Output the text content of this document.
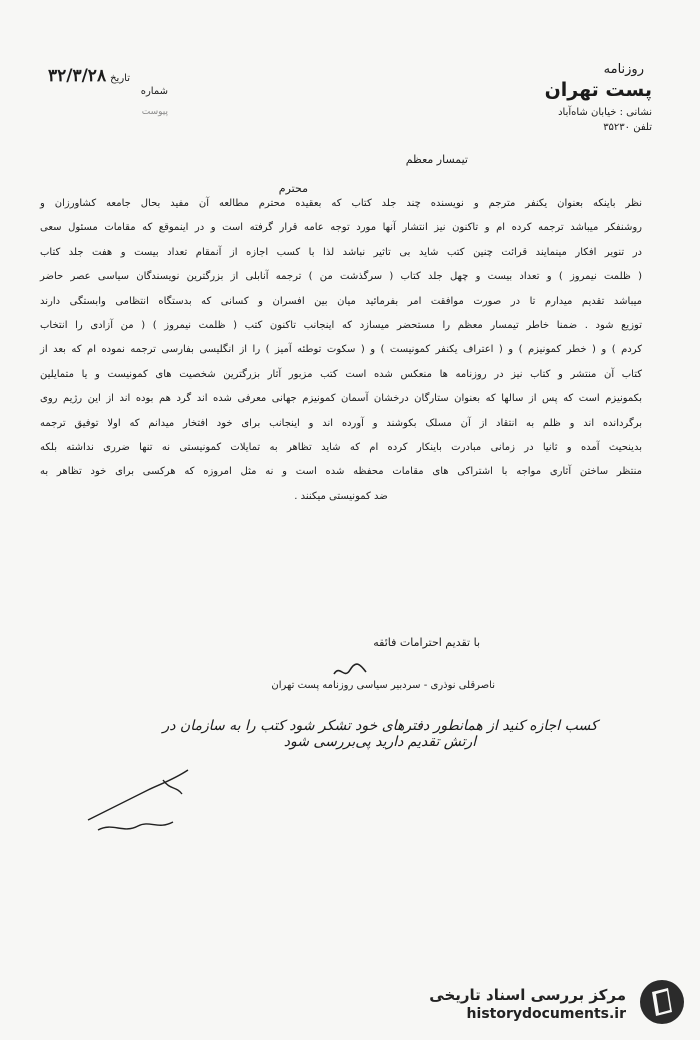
روزنامه
پست تهران
نشانی : خیابان شاه‌آباد
تلفن ۳۵۲۳۰
تاریخ
۳۲/۳/۲۸
شماره
پیوست
تیمسار معظم
محترم

نظر باینکه بعنوان یکنفر مترجم و نویسنده چند جلد کتاب که بعقیده محترم مطالعه آن مفید بحال جامعه کشاورزان و

روشنفکر میباشد ترجمه کرده ام و تاکنون نیز انتشار آنها مورد توجه عامه قرار گرفته است و در اینموقع که مقامات مسئول سعی

در تنویر افکار مینمایند قرائت چنین کتب شاید بی تاثیر نباشد لذا با کسب اجازه از آنمقام تعداد بیست و هفت جلد کتاب

( ظلمت نیمروز ) و تعداد بیست و چهل جلد کتاب ( سرگذشت من ) ترجمه آنابلی از بزرگترین نویسندگان سیاسی عصر حاضر

میباشد تقدیم میدارم تا در صورت موافقت امر بفرمائید میان بین افسران و کسانی که بدستگاه انتظامی وابستگی دارند

توزیع شود . ضمنا خاطر تیمسار معظم را مستحضر میسازد که اینجانب تاکنون کتب ( ظلمت نیمروز ) ( من آزادی را انتخاب

کردم ) و ( خطر کمونیزم ) و ( اعتراف یکنفر کمونیست ) و ( سکوت توطئه آمیز ) را از انگلیسی بفارسی ترجمه نموده ام که بعد از

کتاب آن منتشر و کتاب نیز در روزنامه ها منعکس شده است کتب مزبور آثار بزرگترین شخصیت های کمونیست و یا متمایلین

بکمونیزم است که پس از سالها که بعنوان ستارگان درخشان آسمان کمونیزم جهانی معرفی شده اند گرد هم بوده اند از این رژیم روی

برگردانده اند و ظلم به انتقاد از آن مسلک بکوشند و آورده اند و اینجانب برای خود افتخار میدانم که اولا توفیق ترجمه

بدینحیث آمده و ثانیا در زمانی مبادرت باینکار کرده ام که شاید تظاهر به تمایلات کمونیستی نه تنها ضرری نداشته بلکه

منتظر ساختن آثاری مواجه با اشتراکی های مقامات محفظه شده است و نه مثل امروزه که هرکسی برای خود تظاهر به

ضد کمونیستی میکنند .

با تقدیم احترامات فائقه
ناصرقلی نوذری - سردبیر سیاسی روزنامه پست تهران
کسب اجازه کنید از همانطور دفترهای خود تشکر شود کتب را به سازمان در ارتش تقدیم دارید پی‌بررسی شود
مرکز بررسی اسناد تاریخی
historydocuments.ir
